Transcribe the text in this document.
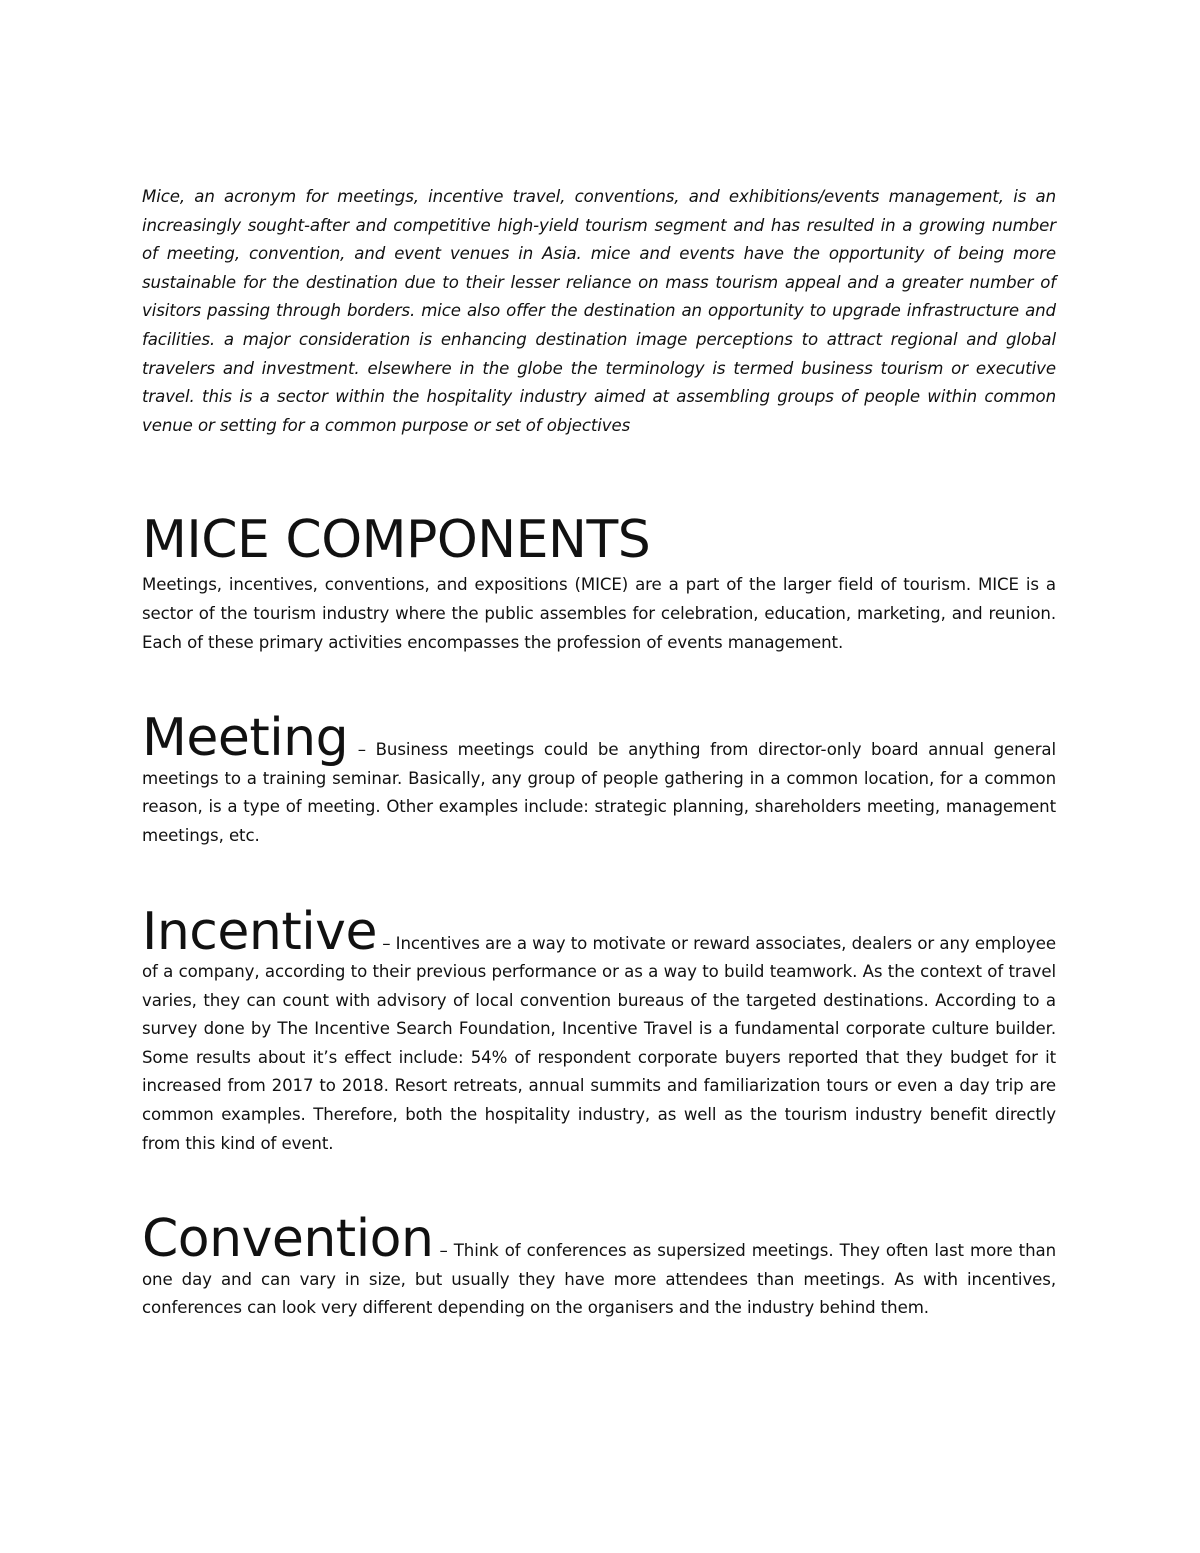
Mice, an acronym for meetings, incentive travel, conventions, and exhibitions/events management, is an increasingly sought-after and competitive high-yield tourism segment and has resulted in a growing number of meeting, convention, and event venues in Asia. mice and events have the opportunity of being more sustainable for the destination due to their lesser reliance on mass tourism appeal and a greater number of visitors passing through borders. mice also offer the destination an opportunity to upgrade infrastructure and facilities. a major consideration is enhancing destination image perceptions to attract regional and global travelers and investment. elsewhere in the globe the terminology is termed business tourism or executive travel. this is a sector within the hospitality industry aimed at assembling groups of people within common venue or setting for a common purpose or set of objectives

MICE COMPONENTS

Meetings, incentives, conventions, and expositions (MICE) are a part of the larger field of tourism. MICE is a sector of the tourism industry where the public assembles for celebration, education, marketing, and reunion. Each of these primary activities encompasses the profession of events management.

Meeting – Business meetings could be anything from director-only board annual general meetings to a training seminar. Basically, any group of people gathering in a common location, for a common reason, is a type of meeting. Other examples include: strategic planning, shareholders meeting, management meetings, etc.

Incentive – Incentives are a way to motivate or reward associates, dealers or any employee of a company, according to their previous performance or as a way to build teamwork. As the context of travel varies, they can count with advisory of local convention bureaus of the targeted destinations. According to a survey done by The Incentive Search Foundation, Incentive Travel is a fundamental corporate culture builder. Some results about it’s effect include: 54% of respondent corporate buyers reported that they budget for it increased from 2017 to 2018. Resort retreats, annual summits and familiarization tours or even a day trip are common examples. Therefore, both the hospitality industry, as well as the tourism industry benefit directly from this kind of event.

Convention – Think of conferences as supersized meetings. They often last more than one day and can vary in size, but usually they have more attendees than meetings. As with incentives, conferences can look very different depending on the organisers and the industry behind them.
